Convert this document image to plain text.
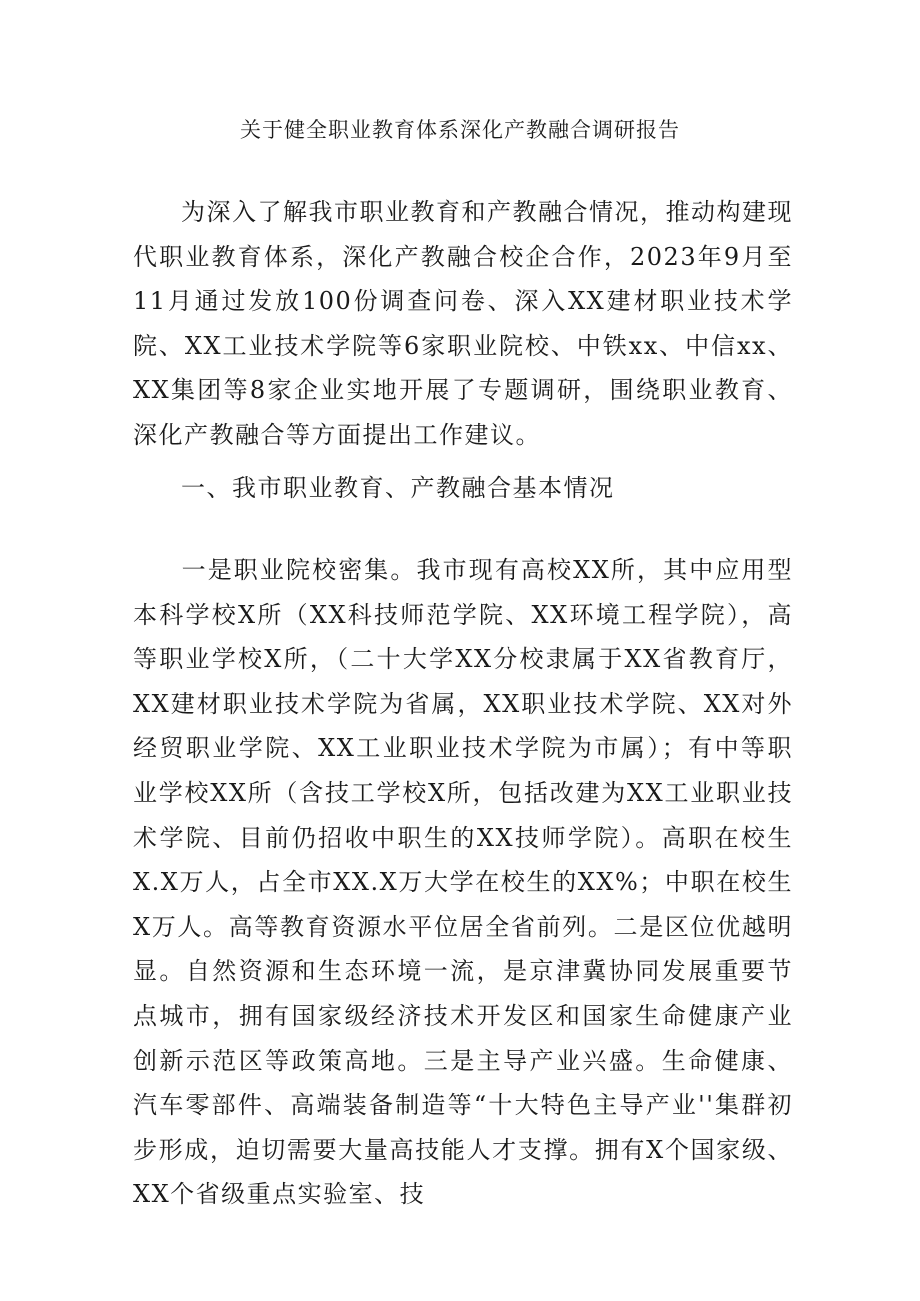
关于健全职业教育体系深化产教融合调研报告

为深入了解我市职业教育和产教融合情况，推动构建现代职业教育体系，深化产教融合校企合作，2023年9月至11月通过发放100份调查问卷、深入XX建材职业技术学院、XX工业技术学院等6家职业院校、中铁xx、中信xx、XX集团等8家企业实地开展了专题调研，围绕职业教育、深化产教融合等方面提出工作建议。

一、我市职业教育、产教融合基本情况

一是职业院校密集。我市现有高校XX所，其中应用型本科学校X所（XX科技师范学院、XX环境工程学院），高等职业学校X所，（二十大学XX分校隶属于XX省教育厅，XX建材职业技术学院为省属，XX职业技术学院、XX对外经贸职业学院、XX工业职业技术学院为市属）；有中等职业学校XX所（含技工学校X所，包括改建为XX工业职业技术学院、目前仍招收中职生的XX技师学院）。高职在校生X.X万人，占全市XX.X万大学在校生的XX%；中职在校生X万人。高等教育资源水平位居全省前列。二是区位优越明显。自然资源和生态环境一流，是京津冀协同发展重要节点城市，拥有国家级经济技术开发区和国家生命健康产业创新示范区等政策高地。三是主导产业兴盛。生命健康、汽车零部件、高端装备制造等“十大特色主导产业''集群初步形成，迫切需要大量高技能人才支撑。拥有X个国家级、XX个省级重点实验室、技
